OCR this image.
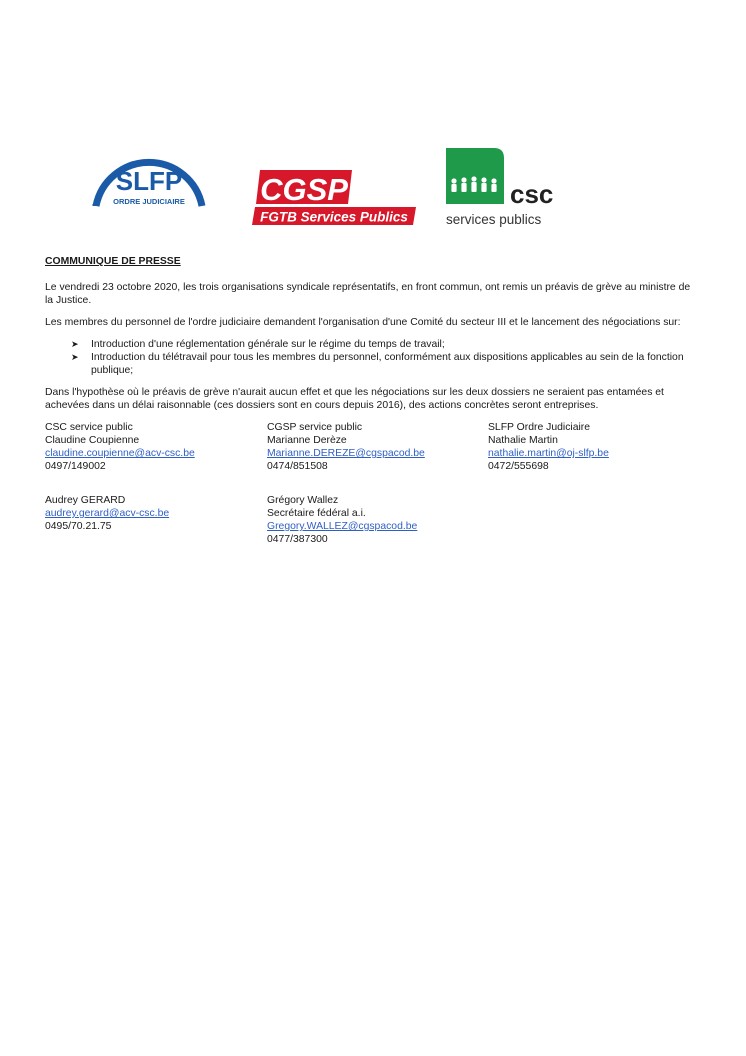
SLFP
ORDRE JUDICIAIRE CGSP
FGTB Services Publics
csc
services publics

COMMUNIQUE DE PRESSE

Le vendredi 23 octobre 2020, les trois organisations syndicale représentatifs, en front commun, ont remis un préavis de grève au ministre de la Justice.

Les membres du personnel de l'ordre judiciaire demandent l'organisation d'une Comité du secteur III et le lancement des négociations sur:

➤ Introduction d'une réglementation générale sur le régime du temps de travail;
➤ Introduction du télétravail pour tous les membres du personnel, conformément aux dispositions applicables au sein de la fonction publique;

Dans l'hypothèse où le préavis de grève n'aurait aucun effet et que les négociations sur les deux dossiers ne seraient pas entamées et achevées dans un délai raisonnable (ces dossiers sont en cours depuis 2016), des actions concrètes seront entreprises.

CSC service public
Claudine Coupienne
claudine.coupienne@acv-csc.be
0497/149002
CGSP service public
Marianne Derèze
Marianne.DEREZE@cgspacod.be
0474/851508
SLFP Ordre Judiciaire
Nathalie Martin
nathalie.martin@oj-slfp.be
0472/555698
Audrey GERARD
audrey.gerard@acv-csc.be
0495/70.21.75
Grégory Wallez
Secrétaire fédéral a.i.
Gregory.WALLEZ@cgspacod.be
0477/387300
